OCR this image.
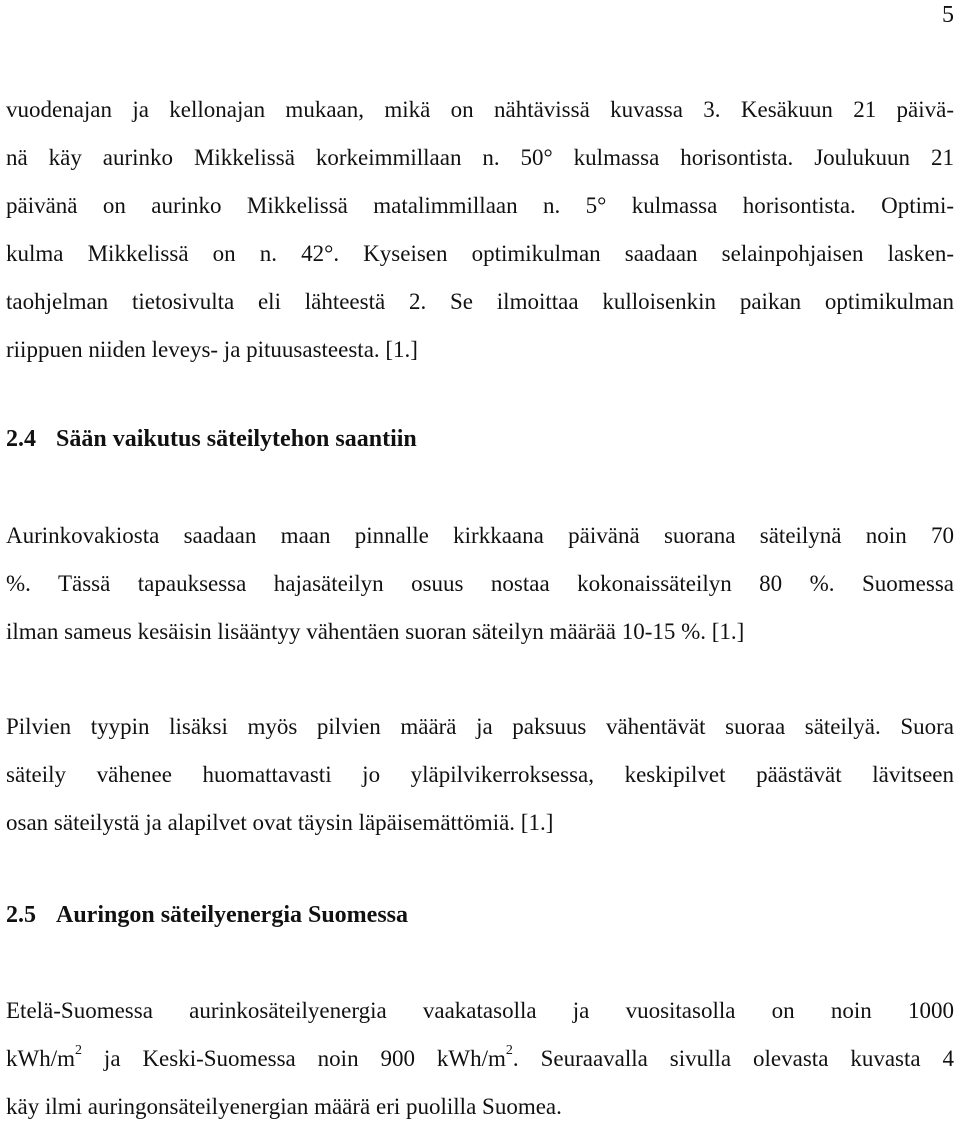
5
vuodenajan ja kellonajan mukaan, mikä on nähtävissä kuvassa 3. Kesäkuun 21 päivä-
nä käy aurinko Mikkelissä korkeimmillaan n. 50° kulmassa horisontista. Joulukuun 21
päivänä on aurinko Mikkelissä matalimmillaan n. 5° kulmassa horisontista. Optimi-
kulma Mikkelissä on n. 42°. Kyseisen optimikulman saadaan selainpohjaisen lasken-
taohjelman tietosivulta eli lähteestä 2. Se ilmoittaa kulloisenkin paikan optimikulman
riippuen niiden leveys- ja pituusasteesta. [1.]
2.4 Sään vaikutus säteilytehon saantiin
Aurinkovakiosta saadaan maan pinnalle kirkkaana päivänä suorana säteilynä noin 70
%. Tässä tapauksessa hajasäteilyn osuus nostaa kokonaissäteilyn 80 %. Suomessa
ilman sameus kesäisin lisääntyy vähentäen suoran säteilyn määrää 10-15 %. [1.]
Pilvien tyypin lisäksi myös pilvien määrä ja paksuus vähentävät suoraa säteilyä. Suora
säteily vähenee huomattavasti jo yläpilvikerroksessa, keskipilvet päästävät lävitseen
osan säteilystä ja alapilvet ovat täysin läpäisemättömiä. [1.]
2.5 Auringon säteilyenergia Suomessa
Etelä-Suomessa aurinkosäteilyenergia vaakatasolla ja vuositasolla on noin 1000
kWh/$m^2$ ja Keski-Suomessa noin 900 kWh/$m^2$. Seuraavalla sivulla olevasta kuvasta 4
käy ilmi auringonsäteilyenergian määrä eri puolilla Suomea.
